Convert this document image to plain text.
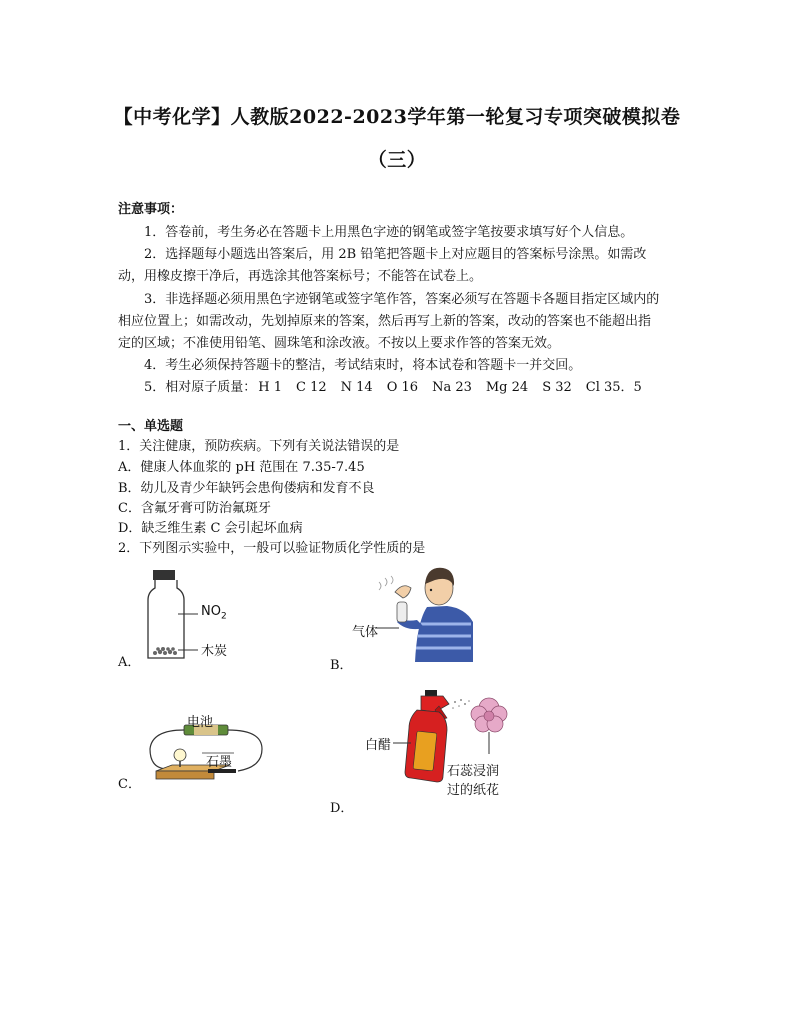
【中考化学】人教版2022-2023学年第一轮复习专项突破模拟卷
（三）
注意事项：
1．答卷前，考生务必在答题卡上用黑色字迹的钢笔或签字笔按要求填写好个人信息。
2．选择题每小题选出答案后，用 2B 铅笔把答题卡上对应题目的答案标号涂黑。如需改
动，用橡皮擦干净后，再选涂其他答案标号；不能答在试卷上。
3．非选择题必须用黑色字迹钢笔或签字笔作答，答案必须写在答题卡各题目指定区域内的
相应位置上；如需改动，先划掉原来的答案，然后再写上新的答案，改动的答案也不能超出指
定的区域；不准使用铅笔、圆珠笔和涂改液。不按以上要求作答的答案无效。
4．考生必须保持答题卡的整洁，考试结束时，将本试卷和答题卡一并交回。
5．相对原子质量： H 1 C 12 N 14 O 16 Na 23 Mg 24 S 32 Cl 35．5
一、单选题
1．关注健康，预防疾病。下列有关说法错误的是
A．健康人体血浆的 pH 范围在 7.35-7.45
B．幼儿及青少年缺钙会患佝偻病和发育不良
C．含氟牙膏可防治氟斑牙
D．缺乏维生素 C 会引起坏血病
2．下列图示实验中，一般可以验证物质化学性质的是
A．	B．
C．
D．
$NO_2$
木炭
气体
电池
石墨
白醋
石蕊浸润
过的纸花
